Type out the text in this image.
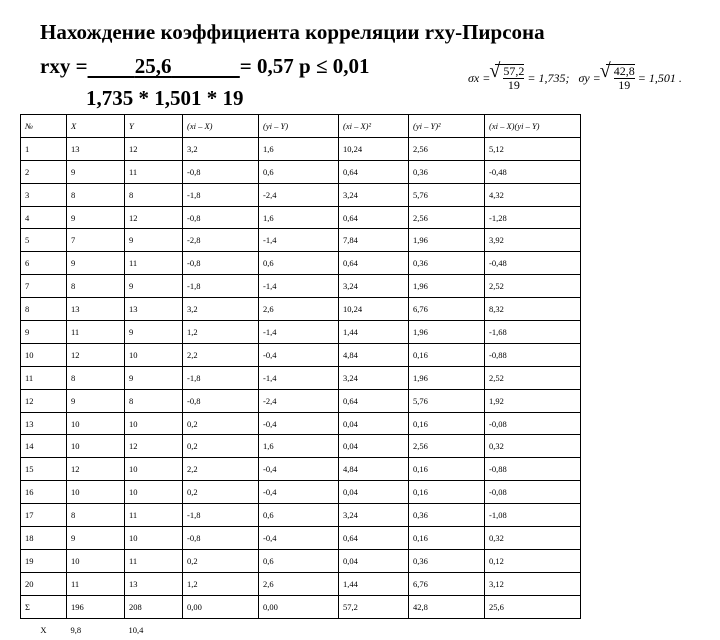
Нахождение коэффициента корреляции rxy-Пирсона
rxy = 25,6	= 0,57 р ≤ 0,01
1,735 * 1,501 * 19
σx = √ $\frac{57,2}{19} = 1,735$; σy = √ $\frac{42,8}{19} = 1,501$ .
№	X	Y	(xi – X)	(yi – Y)	(xi – X)²	(yi – Y)²	(xi – X)(yi – Y)
1	13	12	3,2	1,6	10,24	2,56	5,12
2	9	11	-0,8	0,6	0,64	0,36	-0,48
3	8	8	-1,8	-2,4	3,24	5,76	4,32
4	9	12	-0,8	1,6	0,64	2,56	-1,28
5	7	9	-2,8	-1,4	7,84	1,96	3,92
6	9	11	-0,8	0,6	0,64	0,36	-0,48
7	8	9	-1,8	-1,4	3,24	1,96	2,52
8	13	13	3,2	2,6	10,24	6,76	8,32
9	11	9	1,2	-1,4	1,44	1,96	-1,68
10	12	10	2,2	-0,4	4,84	0,16	-0,88
11	8	9	-1,8	-1,4	3,24	1,96	2,52
12	9	8	-0,8	-2,4	0,64	5,76	1,92
13	10	10	0,2	-0,4	0,04	0,16	-0,08
14	10	12	0,2	1,6	0,04	2,56	0,32
15	12	10	2,2	-0,4	4,84	0,16	-0,88
16	10	10	0,2	-0,4	0,04	0,16	-0,08
17	8	11	-1,8	0,6	3,24	0,36	-1,08
18	9	10	-0,8	-0,4	0,64	0,16	0,32
19	10	11	0,2	0,6	0,04	0,36	0,12
20	11	13	1,2	2,6	1,44	6,76	3,12
Σ	196	208	0,00	0,00	57,2	42,8	25,6
X	9,8	10,4					
